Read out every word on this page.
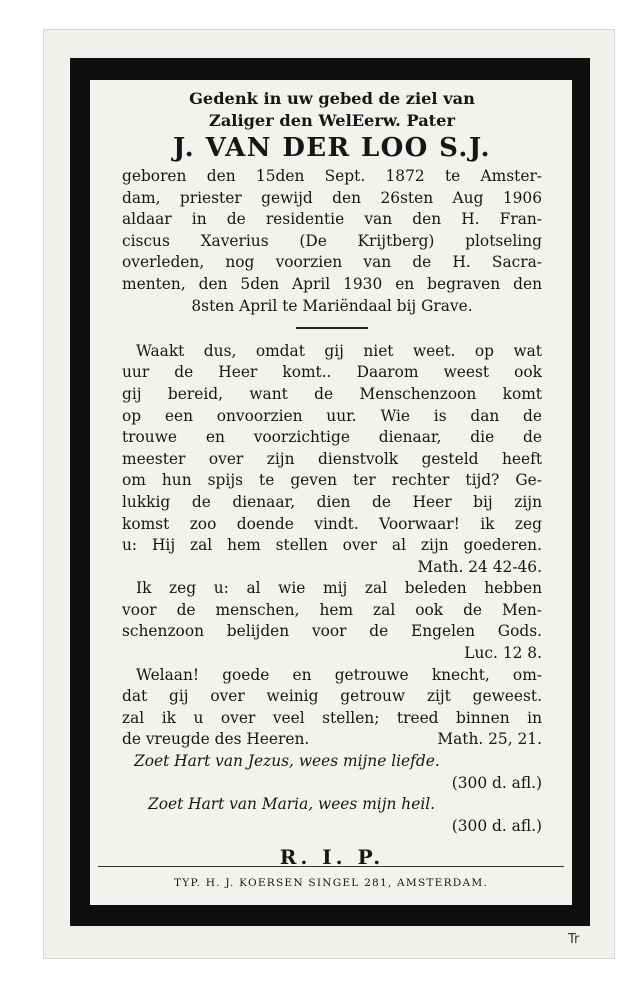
Gedenk in uw gebed de ziel van
Zaliger den WelEerw. Pater
J. VAN DER LOO S.J.
geboren den 15den Sept. 1872 te Amster-
dam, priester gewijd den 26sten Aug 1906
aldaar in de residentie van den H. Fran-
ciscus Xaverius (De Krijtberg) plotseling
overleden, nog voorzien van de H. Sacra-
menten, den 5den April 1930 en begraven den
8sten April te Mariëndaal bij Grave.
Waakt dus, omdat gij niet weet. op wat
uur de Heer komt.. Daarom weest ook
gij bereid, want de Menschenzoon komt
op een onvoorzien uur. Wie is dan de
trouwe en voorzichtige dienaar, die de
meester over zijn dienstvolk gesteld heeft
om hun spijs te geven ter rechter tijd? Ge-
lukkig de dienaar, dien de Heer bij zijn
komst zoo doende vindt. Voorwaar! ik zeg
u: Hij zal hem stellen over al zijn goederen.
Math. 24 42-46.
Ik zeg u: al wie mij zal beleden hebben
voor de menschen, hem zal ook de Men-
schenzoon belijden voor de Engelen Gods.
Luc. 12 8.
Welaan! goede en getrouwe knecht, om-
dat gij over weinig getrouw zijt geweest.
zal ik u over veel stellen; treed binnen in
de vreugde des Heeren.	Math. 25, 21.
Zoet Hart van Jezus, wees mijne liefde.
(300 d. afl.)
Zoet Hart van Maria, wees mijn heil.
(300 d. afl.)
R. I. P.
TYP. H. J. KOERSEN SINGEL 281, AMSTERDAM.
Tr
